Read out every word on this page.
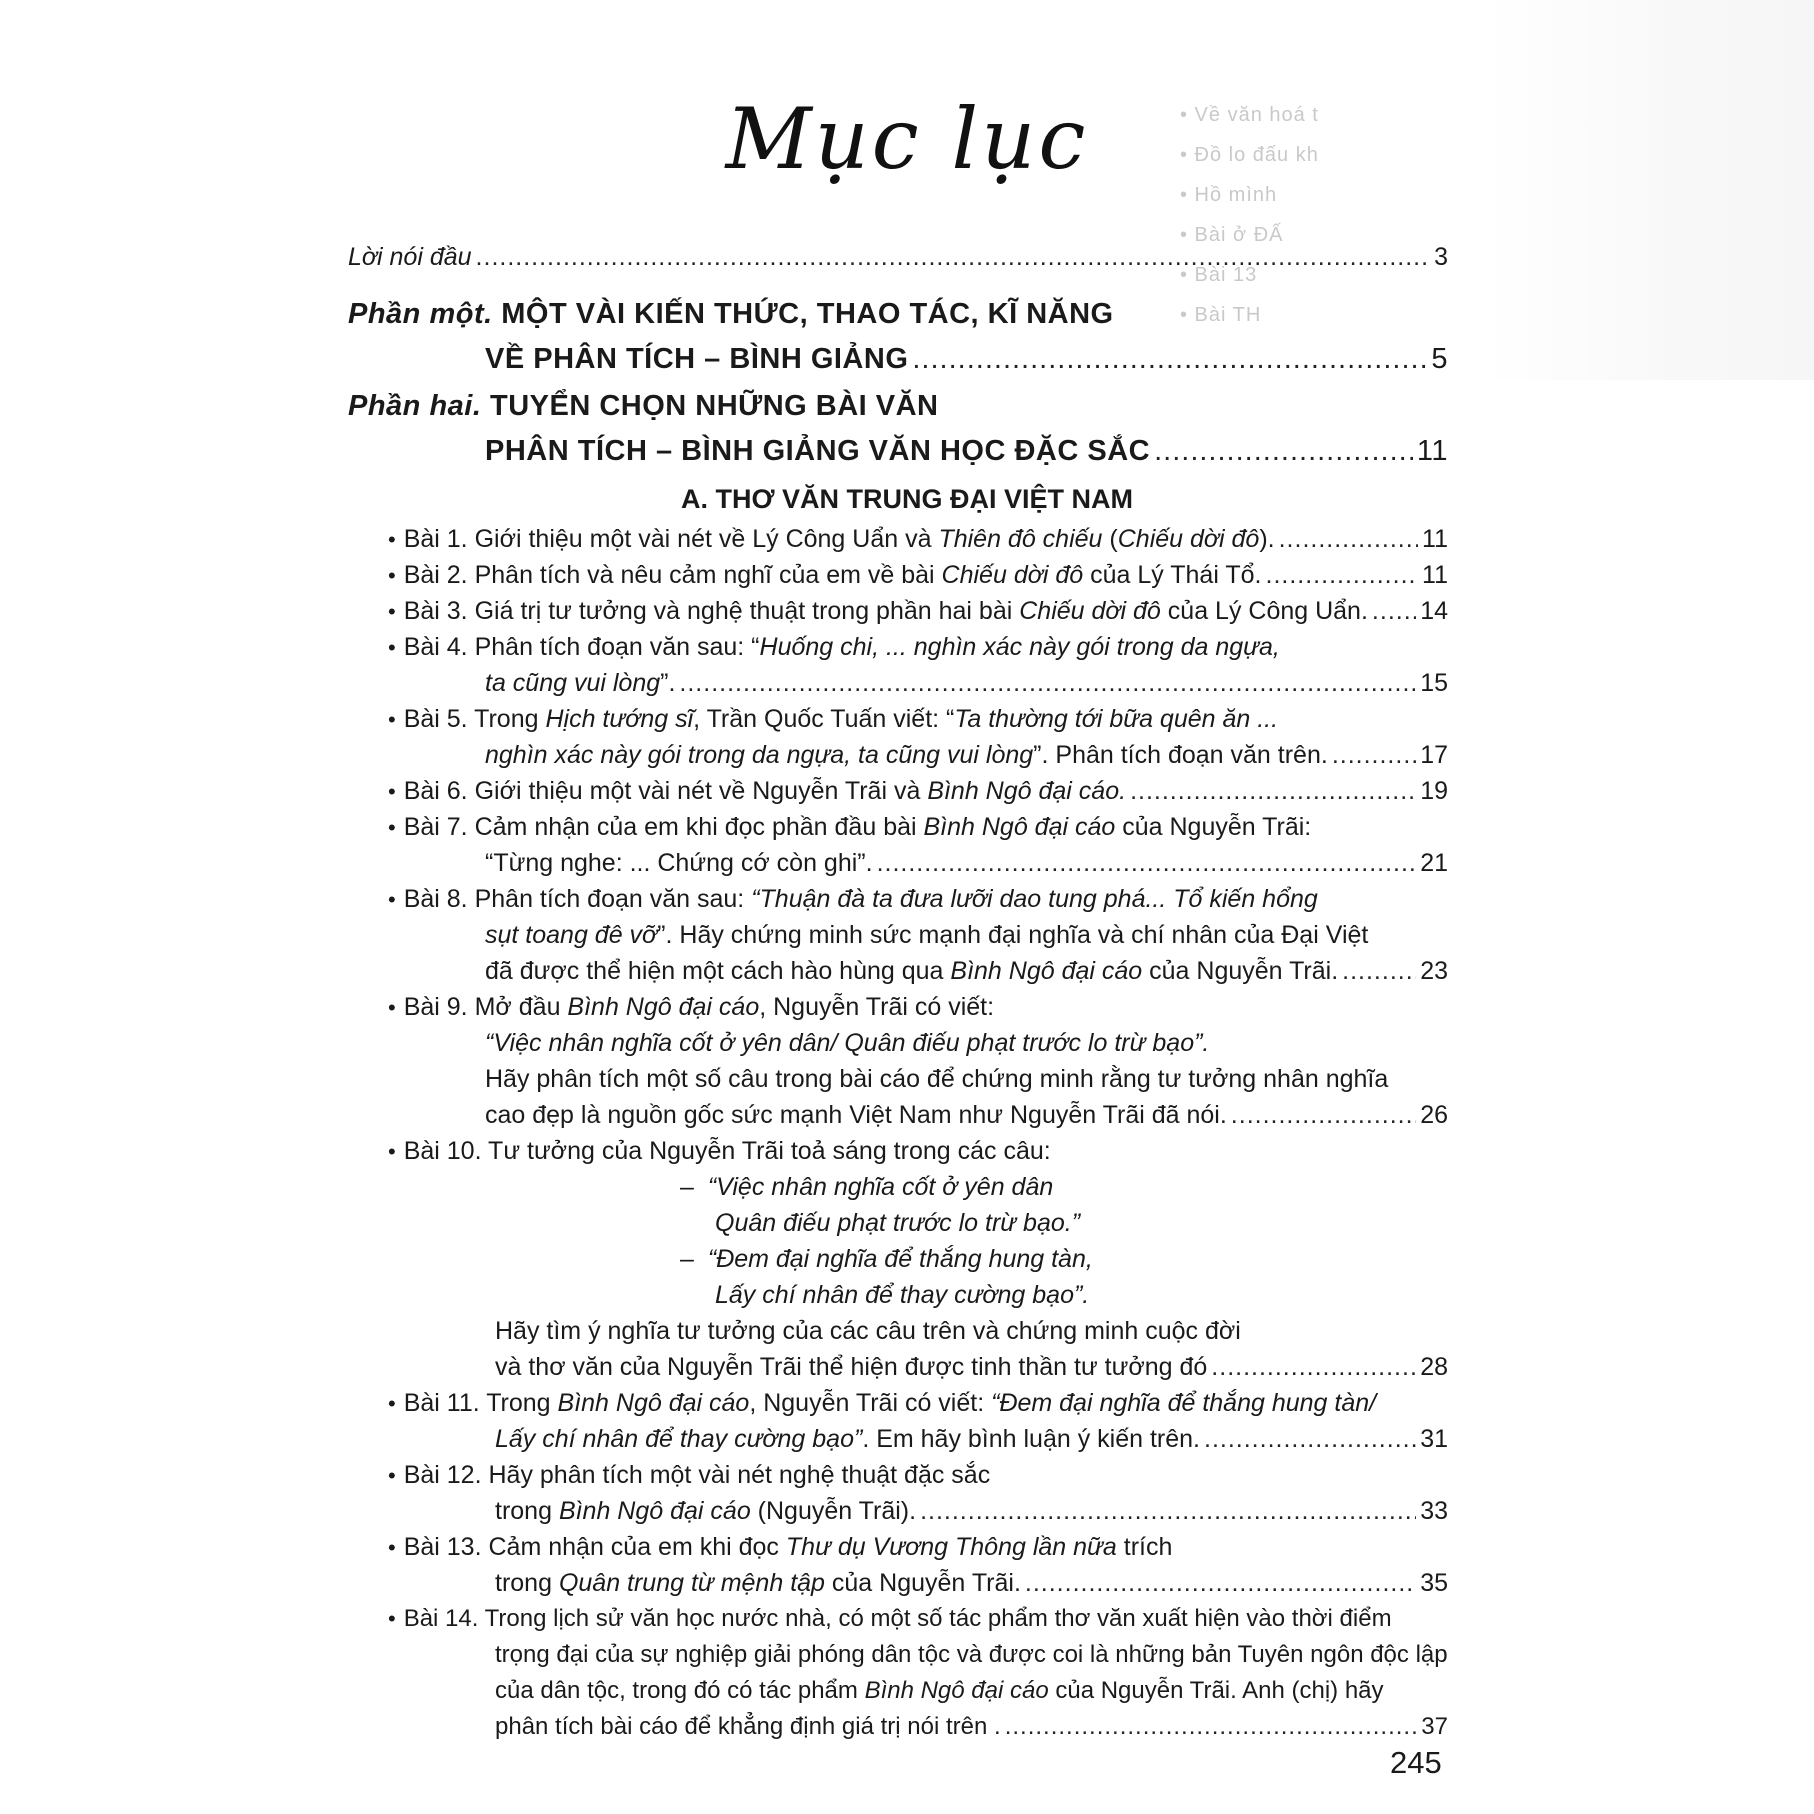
• Về văn hoá t
• Đồ lo đấu kh
• Hồ mình
• Bài ở ĐẤ
• Bài 13
• Bài TH
Mục lục
Lời nói đầu .....	3
Phần một. MỘT VÀI KIẾN THỨC, THAO TÁC, KĨ NĂNG
VỀ PHÂN TÍCH – BÌNH GIẢNG .....	5
Phần hai. TUYỂN CHỌN NHỮNG BÀI VĂN
PHÂN TÍCH – BÌNH GIẢNG VĂN HỌC ĐẶC SẮC .....	11
A. THƠ VĂN TRUNG ĐẠI VIỆT NAM
• Bài 1. Giới thiệu một vài nét về Lý Công Uẩn và Thiên đô chiếu (Chiếu dời đô). .....	11
• Bài 2. Phân tích và nêu cảm nghĩ của em về bài Chiếu dời đô của Lý Thái Tổ. .....	11
• Bài 3. Giá trị tư tưởng và nghệ thuật trong phần hai bài Chiếu dời đô của Lý Công Uẩn. ..... 14
• Bài 4. Phân tích đoạn văn sau: “Huống chi, ... nghìn xác này gói trong da ngựa,
ta cũng vui lòng”. .....	15
• Bài 5. Trong Hịch tướng sĩ, Trần Quốc Tuấn viết: “Ta thường tới bữa quên ăn ...
nghìn xác này gói trong da ngựa, ta cũng vui lòng”. Phân tích đoạn văn trên. .....	17
• Bài 6. Giới thiệu một vài nét về Nguyễn Trãi và Bình Ngô đại cáo. .....	19
• Bài 7. Cảm nhận của em khi đọc phần đầu bài Bình Ngô đại cáo của Nguyễn Trãi:
“Từng nghe: ... Chứng cớ còn ghi”. .....	21
• Bài 8. Phân tích đoạn văn sau: “Thuận đà ta đưa lưỡi dao tung phá... Tổ kiến hổng
sụt toang đê vỡ”. Hãy chứng minh sức mạnh đại nghĩa và chí nhân của Đại Việt
đã được thể hiện một cách hào hùng qua Bình Ngô đại cáo của Nguyễn Trãi. .....	23
• Bài 9. Mở đầu Bình Ngô đại cáo, Nguyễn Trãi có viết:
“Việc nhân nghĩa cốt ở yên dân/ Quân điếu phạt trước lo trừ bạo”.
Hãy phân tích một số câu trong bài cáo để chứng minh rằng tư tưởng nhân nghĩa
cao đẹp là nguồn gốc sức mạnh Việt Nam như Nguyễn Trãi đã nói. .....	26
• Bài 10. Tư tưởng của Nguyễn Trãi toả sáng trong các câu:
– “Việc nhân nghĩa cốt ở yên dân
Quân điếu phạt trước lo trừ bạo.”
– “Đem đại nghĩa để thắng hung tàn,
Lấy chí nhân để thay cường bạo”.
Hãy tìm ý nghĩa tư tưởng của các câu trên và chứng minh cuộc đời
và thơ văn của Nguyễn Trãi thể hiện được tinh thần tư tưởng đó .....	28
• Bài 11. Trong Bình Ngô đại cáo, Nguyễn Trãi có viết: “Đem đại nghĩa để thắng hung tàn/
Lấy chí nhân để thay cường bạo”. Em hãy bình luận ý kiến trên. .....	31
• Bài 12. Hãy phân tích một vài nét nghệ thuật đặc sắc
trong Bình Ngô đại cáo (Nguyễn Trãi). .....	33
• Bài 13. Cảm nhận của em khi đọc Thư dụ Vương Thông lần nữa trích
trong Quân trung từ mệnh tập của Nguyễn Trãi. .....	35
• Bài 14. Trong lịch sử văn học nước nhà, có một số tác phẩm thơ văn xuất hiện vào thời điểm
trọng đại của sự nghiệp giải phóng dân tộc và được coi là những bản Tuyên ngôn độc lập
của dân tộc, trong đó có tác phẩm Bình Ngô đại cáo của Nguyễn Trãi. Anh (chị) hãy
phân tích bài cáo để khẳng định giá trị nói trên . .....	37
245
